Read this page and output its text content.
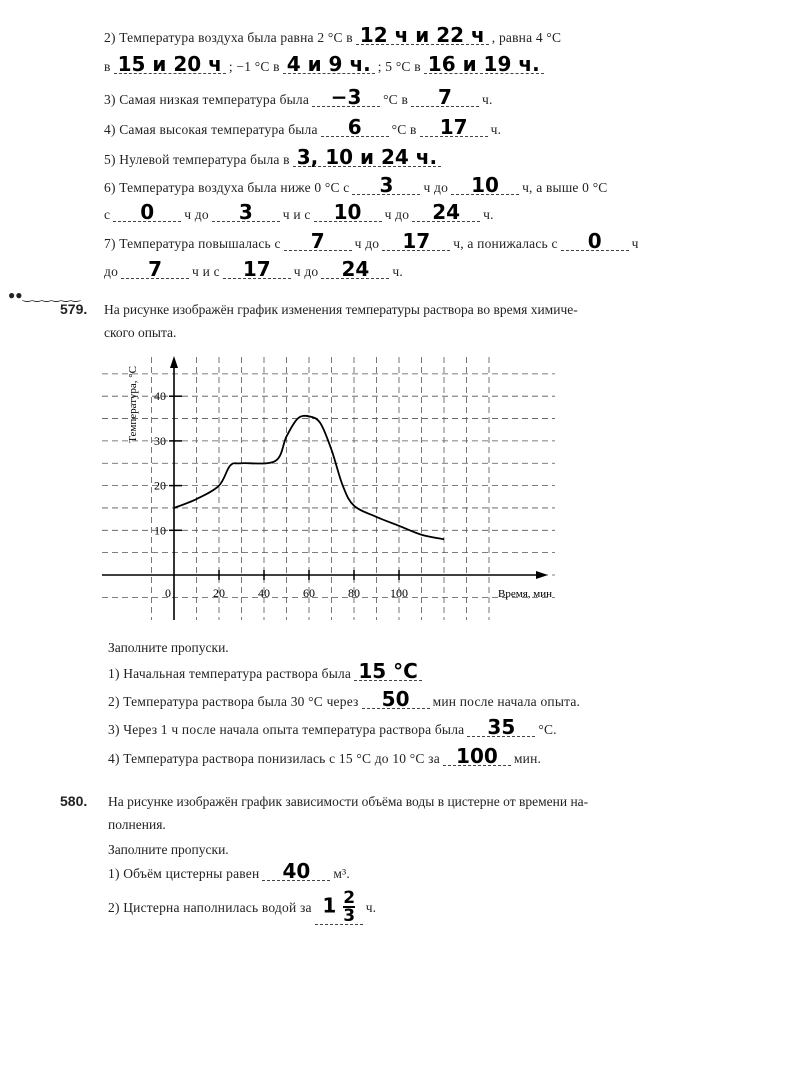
●●‿‿‿‿‿‿
2) Температура воздуха была равна 2 °C в 12 ч и 22 ч , равна 4 °C
в 15 и 20 ч ; −1 °C в 4 и 9 ч. ; 5 °C в 16 и 19 ч.
3) Самая низкая температура была	−3	°C в	7	ч.
4) Самая высокая температура была	6	°C в	17	ч.
5) Нулевой температура была в 3, 10 и 24 ч.
6) Температура воздуха была ниже 0 °C с	3	ч до	10	ч, а выше 0 °C
с	0	ч до	3	ч и с	10	ч до	24	ч.
7) Температура повышалась с	7	ч до	17	ч, а понижалась с	0	ч
до	7	ч и с	17	ч до	24	ч.
579. На рисунке изображён график изменения температуры раствора во время химиче-
ского опыта.
0	20	40	60	80	100
10
20
30
40
Время, мин
Температура, °С
Заполните пропуски.
1) Начальная температура раствора была 15 °C
2) Температура раствора была 30 °C через	50	мин после начала опыта.
3) Через 1 ч после начала опыта температура раствора была	35	°C.
4) Температура раствора понизилась с 15 °C до 10 °C за 100	мин.
580. На рисунке изображён график зависимости объёма воды в цистерне от времени на-
полнения.
Заполните пропуски.
1) Объём цистерны равен	40	м³.
2) Цистерна наполнилась водой за $1 \frac{2}{3} ч$.
